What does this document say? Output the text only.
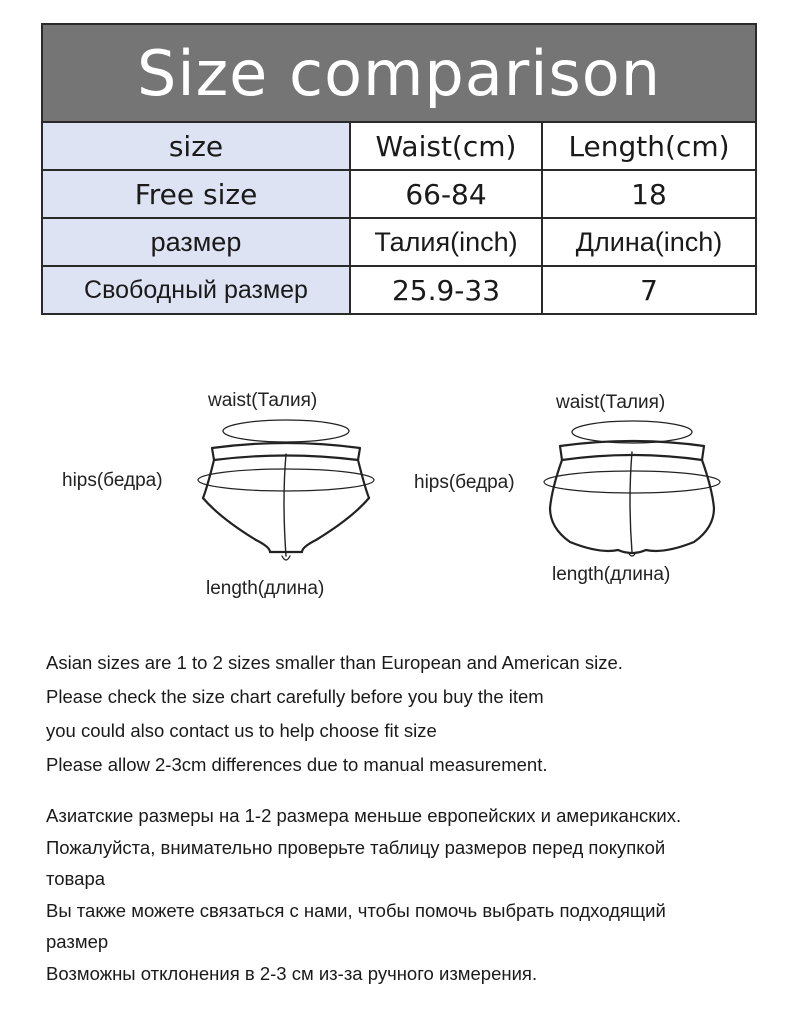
Size comparison
size	Waist(cm)	Length(cm)
Free size	66-84	18
размер	Талия(inch)	Длина(inch)
Свободный размер	25.9-33	7
waist(Талия)
hips(бедра)
length(длина)
waist(Талия)
hips(бедра)
length(длина)

Asian sizes are 1 to 2 sizes smaller than European and American size.

Please check the size chart carefully before you buy the item

you could also contact us to help choose fit size

Please allow 2-3cm differences due to manual measurement.

Азиатские размеры на 1-2 размера меньше европейских и американских.

Пожалуйста, внимательно проверьте таблицу размеров перед покупкой

товара

Вы также можете связаться с нами, чтобы помочь выбрать подходящий

размер

Возможны отклонения в 2-3 см из-за ручного измерения.
